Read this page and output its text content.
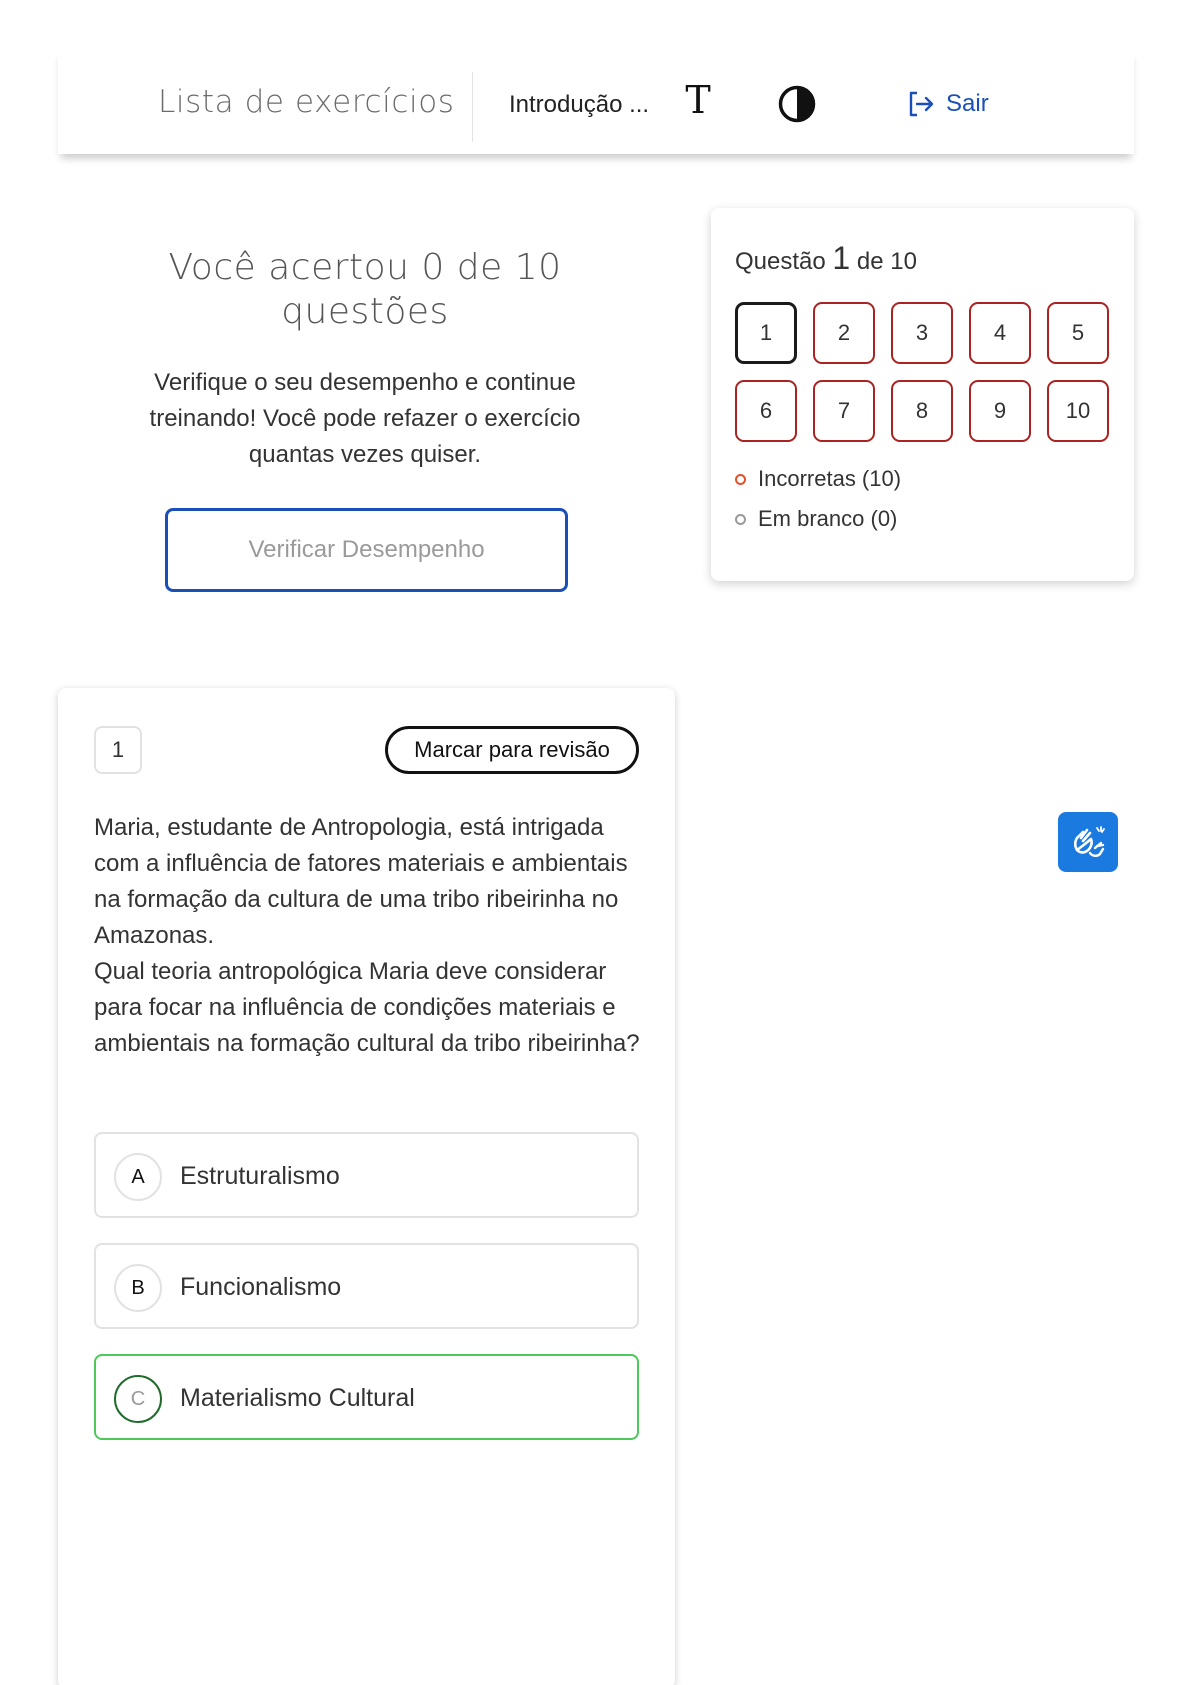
Lista de exercícios Introdução ... T	Sair
Você acertou 0 de 10 questões
Verifique o seu desempenho e continue treinando! Você pode refazer o exercício quantas vezes quiser.
Verificar Desempenho
Questão 1 de 10
1	2	3	4	5
6	7	8	9	10
Incorretas (10)
Em branco (0)
1	Marcar para revisão

Maria, estudante de Antropologia, está intrigada com a influência de fatores materiais e ambientais na formação da cultura de uma tribo ribeirinha no Amazonas.

Qual teoria antropológica Maria deve considerar para focar na influência de condições materiais e ambientais na formação cultural da tribo ribeirinha?

A	Estruturalismo
B	Funcionalismo
C	Materialismo Cultural
